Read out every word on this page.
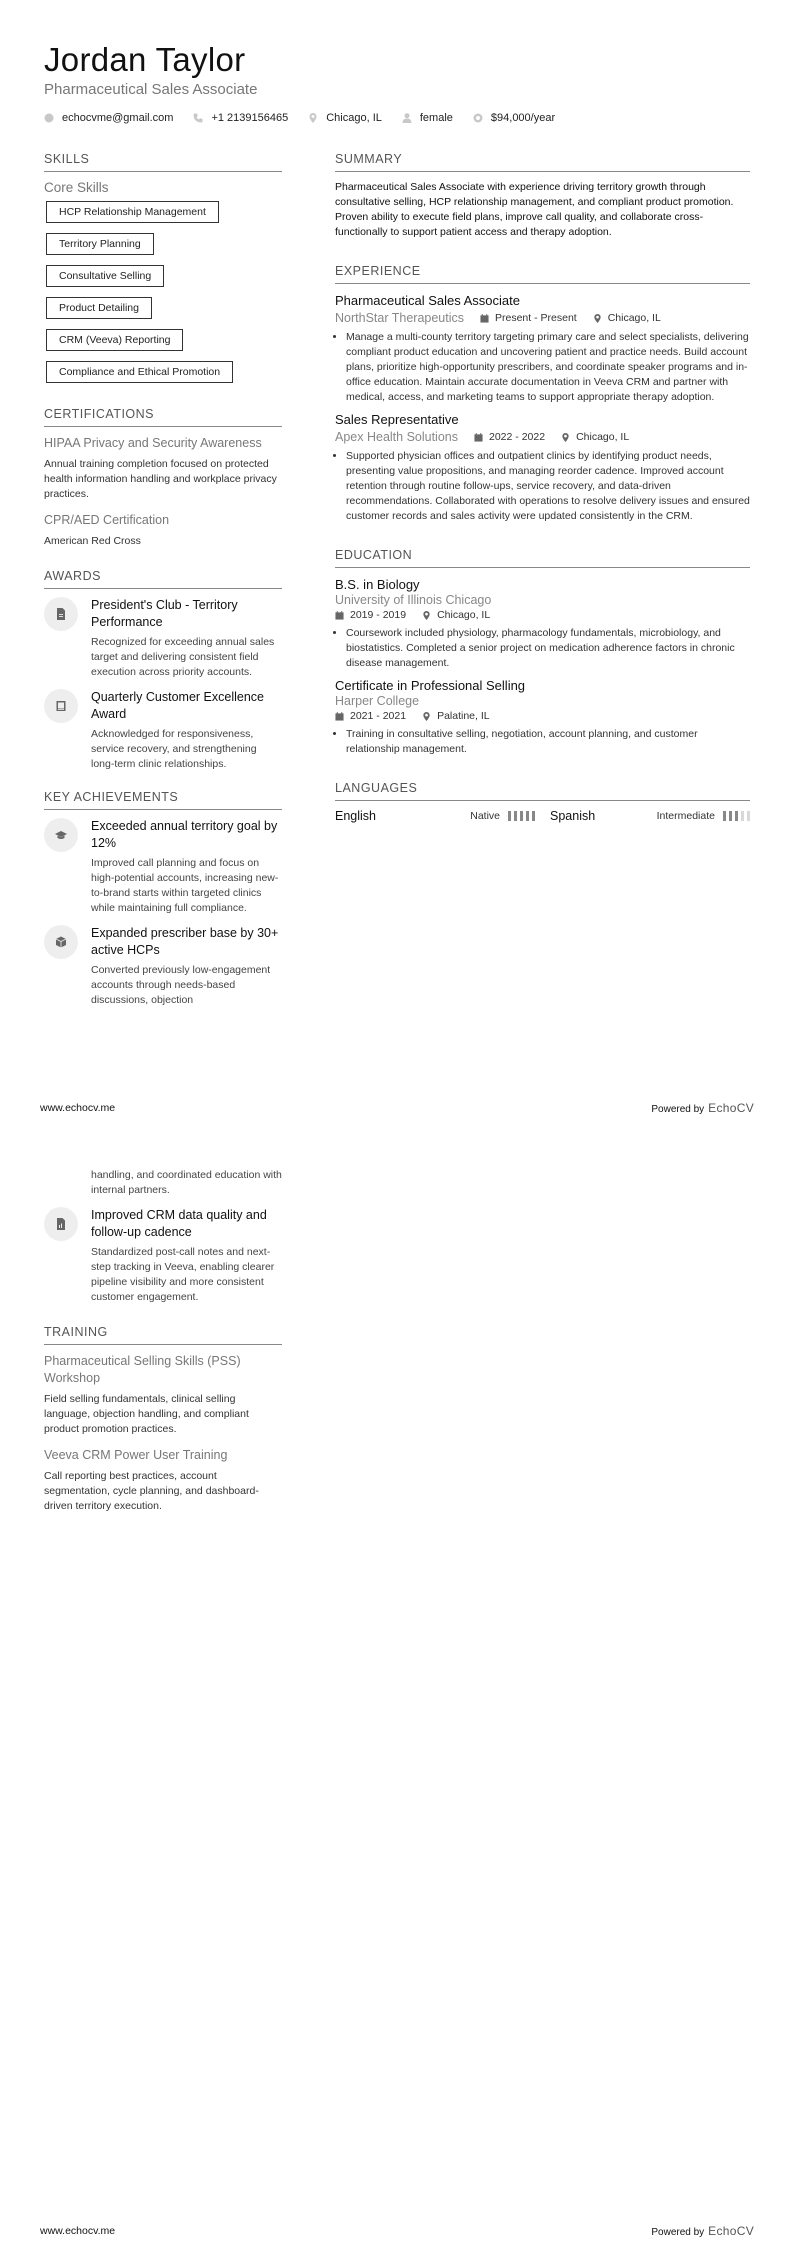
Jordan Taylor
Pharmaceutical Sales Associate
echocvme@gmail.com	+1 2139156465	Chicago, IL	female	$94,000/year
SKILLS
Core Skills
HCP Relationship Management
Territory Planning
Consultative Selling
Product Detailing
CRM (Veeva) Reporting
Compliance and Ethical Promotion
CERTIFICATIONS
HIPAA Privacy and Security Awareness
Annual training completion focused on protected health information handling and workplace privacy practices.
CPR/AED Certification
American Red Cross
AWARDS
President's Club - Territory Performance
Recognized for exceeding annual sales target and delivering consistent field execution across priority accounts.
Quarterly Customer Excellence Award
Acknowledged for responsiveness, service recovery, and strengthening long-term clinic relationships.
KEY ACHIEVEMENTS
Exceeded annual territory goal by 12%
Improved call planning and focus on high-potential accounts, increasing new-to-brand starts within targeted clinics while maintaining full compliance.
Expanded prescriber base by 30+ active HCPs
Converted previously low-engagement accounts through needs-based discussions, objection
SUMMARY
Pharmaceutical Sales Associate with experience driving territory growth through consultative selling, HCP relationship management, and compliant product promotion. Proven ability to execute field plans, improve call quality, and collaborate cross-functionally to support patient access and therapy adoption.
EXPERIENCE
Pharmaceutical Sales Associate
NorthStar Therapeutics	Present - Present	Chicago, IL
• Manage a multi-county territory targeting primary care and select specialists, delivering compliant product education and uncovering patient and practice needs. Build account plans, prioritize high-opportunity prescribers, and coordinate speaker programs and in-office education. Maintain accurate documentation in Veeva CRM and partner with medical, access, and marketing teams to support appropriate therapy adoption.
Sales Representative
Apex Health Solutions	2022 - 2022	Chicago, IL
• Supported physician offices and outpatient clinics by identifying product needs, presenting value propositions, and managing reorder cadence. Improved account retention through routine follow-ups, service recovery, and data-driven recommendations. Collaborated with operations to resolve delivery issues and ensured customer records and sales activity were updated consistently in the CRM.
EDUCATION
B.S. in Biology
University of Illinois Chicago
2019 - 2019	Chicago, IL
• Coursework included physiology, pharmacology fundamentals, microbiology, and biostatistics. Completed a senior project on medication adherence factors in chronic disease management.
Certificate in Professional Selling
Harper College
2021 - 2021	Palatine, IL
• Training in consultative selling, negotiation, account planning, and customer relationship management.
LANGUAGES
English	Native	Spanish	Intermediate
www.echocv.me	Powered by EchoCV
handling, and coordinated education with internal partners.
Improved CRM data quality and follow-up cadence
Standardized post-call notes and next-step tracking in Veeva, enabling clearer pipeline visibility and more consistent customer engagement.
TRAINING
Pharmaceutical Selling Skills (PSS) Workshop
Field selling fundamentals, clinical selling language, objection handling, and compliant product promotion practices.
Veeva CRM Power User Training
Call reporting best practices, account segmentation, cycle planning, and dashboard-driven territory execution.
www.echocv.me	Powered by EchoCV
